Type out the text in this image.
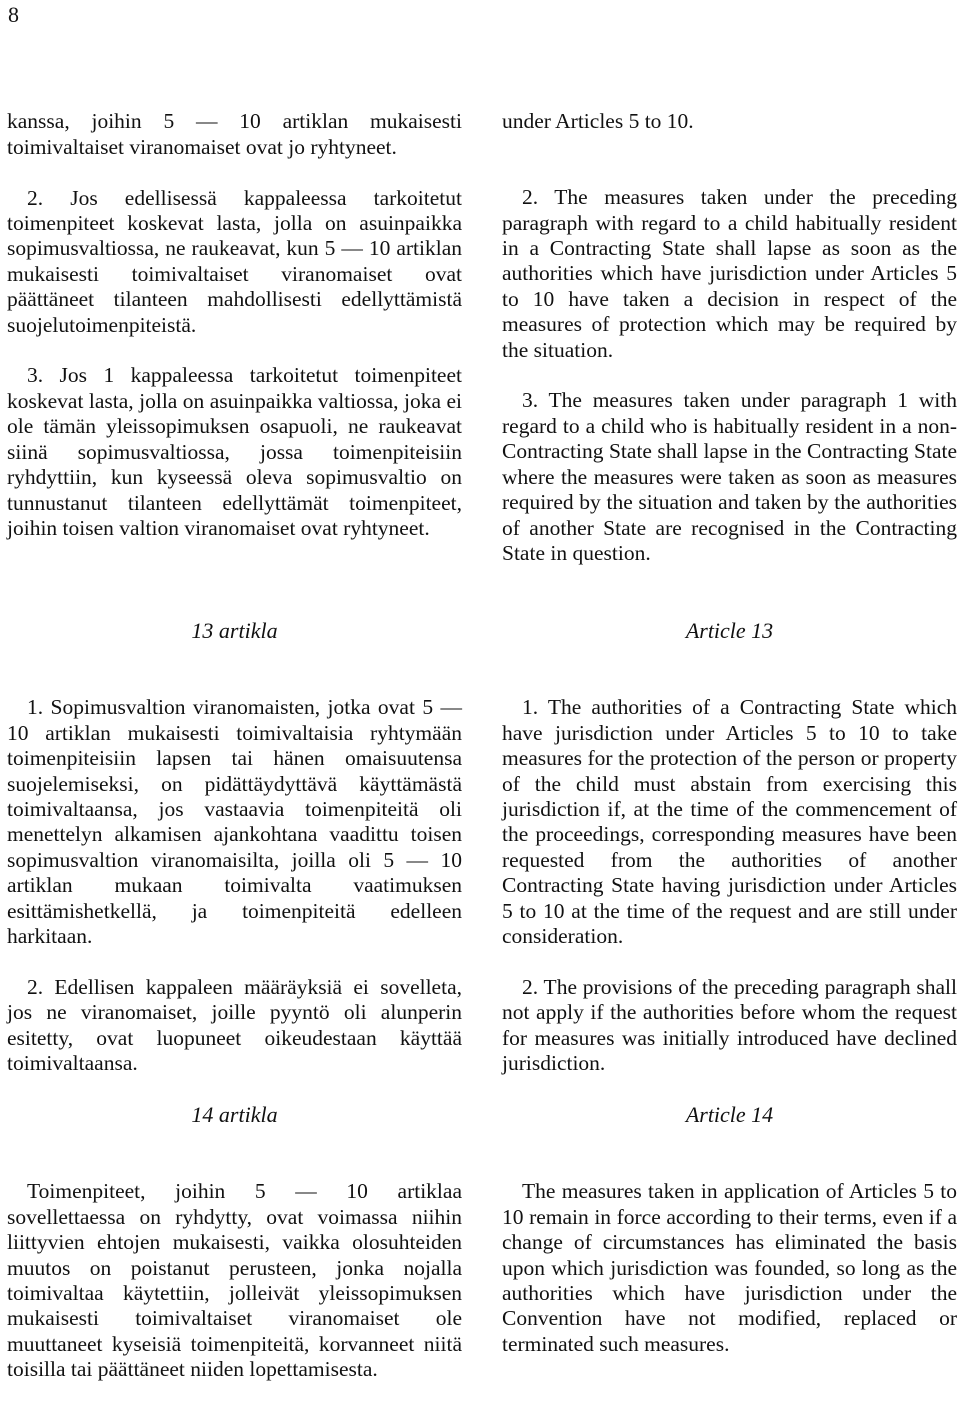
8

kanssa, joihin 5 — 10 artiklan mukaisesti toimivaltaiset viranomaiset ovat jo ryhtyneet.

2. Jos edellisessä kappaleessa tarkoitetut toimenpiteet koskevat lasta, jolla on asuinpaikka sopimusvaltiossa, ne raukeavat, kun 5 — 10 artiklan mukaisesti toimivaltaiset viranomaiset ovat päättäneet tilanteen mahdollisesti edellyttämistä suojelutoimenpiteistä.

3. Jos 1 kappaleessa tarkoitetut toimenpiteet koskevat lasta, jolla on asuinpaikka valtiossa, joka ei ole tämän yleissopimuksen osapuoli, ne raukeavat siinä sopimusvaltiossa, jossa toimenpiteisiin ryhdyttiin, kun kyseessä oleva sopimusvaltio on tunnustanut tilanteen edellyttämät toimenpiteet, joihin toisen valtion viranomaiset ovat ryhtyneet.

under Articles 5 to 10.

2. The measures taken under the preceding paragraph with regard to a child habitually resident in a Contracting State shall lapse as soon as the authorities which have jurisdiction under Articles 5 to 10 have taken a decision in respect of the measures of protection which may be required by the situation.

3. The measures taken under paragraph 1 with regard to a child who is habitually resident in a non-Contracting State shall lapse in the Contracting State where the measures were taken as soon as measures required by the situation and taken by the authorities of another State are recognised in the Contracting State in question.

13 artikla	Article 13

1. Sopimusvaltion viranomaisten, jotka ovat 5 — 10 artiklan mukaisesti toimivaltaisia ryhtymään toimenpiteisiin lapsen tai hänen omaisuutensa suojelemiseksi, on pidättäydyttävä käyttämästä toimivaltaansa, jos vastaavia toimenpiteitä oli menettelyn alkamisen ajankohtana vaadittu toisen sopimusvaltion viranomaisilta, joilla oli 5 — 10 artiklan mukaan toimivalta vaatimuksen esittämishetkellä, ja toimenpiteitä edelleen harkitaan.

2. Edellisen kappaleen määräyksiä ei sovelleta, jos ne viranomaiset, joille pyyntö oli alunperin esitetty, ovat luopuneet oikeudestaan käyttää toimivaltaansa.

1. The authorities of a Contracting State which have jurisdiction under Articles 5 to 10 to take measures for the protection of the person or property of the child must abstain from exercising this jurisdiction if, at the time of the commencement of the proceedings, corresponding measures have been requested from the authorities of another Contracting State having jurisdiction under Articles 5 to 10 at the time of the request and are still under consideration.

2. The provisions of the preceding paragraph shall not apply if the authorities before whom the request for measures was initially introduced have declined jurisdiction.

14 artikla	Article 14

Toimenpiteet, joihin 5 — 10 artiklaa sovellettaessa on ryhdytty, ovat voimassa niihin liittyvien ehtojen mukaisesti, vaikka olosuhteiden muutos on poistanut perusteen, jonka nojalla toimivaltaa käytettiin, jolleivät yleissopimuksen mukaisesti toimivaltaiset viranomaiset ole muuttaneet kyseisiä toimenpiteitä, korvanneet niitä toisilla tai päättäneet niiden lopettamisesta.

The measures taken in application of Articles 5 to 10 remain in force according to their terms, even if a change of circumstances has eliminated the basis upon which jurisdiction was founded, so long as the authorities which have jurisdiction under the Convention have not modified, replaced or terminated such measures.
